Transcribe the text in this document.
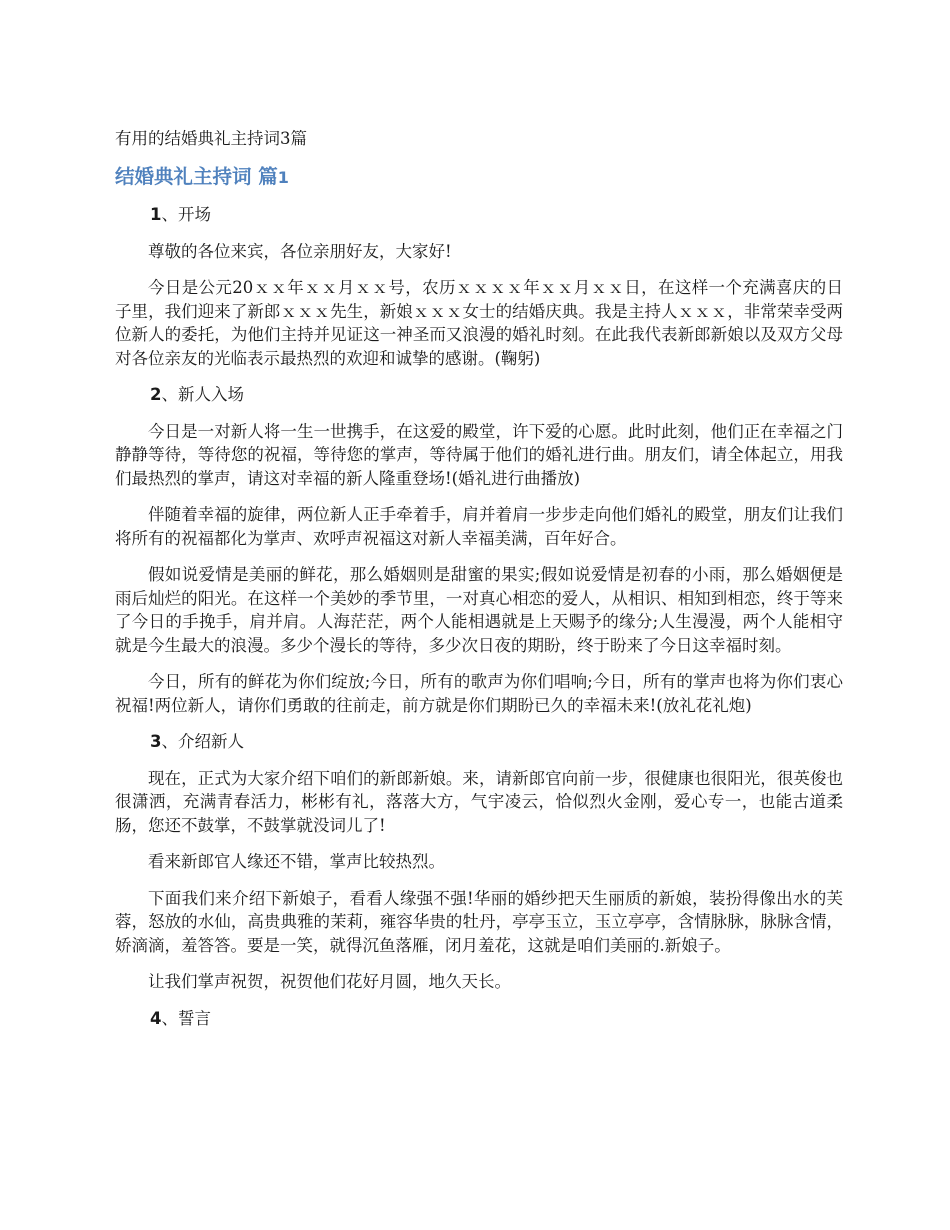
有用的结婚典礼主持词3篇
结婚典礼主持词 篇1

1、开场

尊敬的各位来宾，各位亲朋好友，大家好!

今日是公元20ｘｘ年ｘｘ月ｘｘ号，农历ｘｘｘｘ年ｘｘ月ｘｘ日，在这样一个充满喜庆的日子里，我们迎来了新郎ｘｘｘ先生，新娘ｘｘｘ女士的结婚庆典。我是主持人ｘｘｘ，非常荣幸受两位新人的委托，为他们主持并见证这一神圣而又浪漫的婚礼时刻。在此我代表新郎新娘以及双方父母对各位亲友的光临表示最热烈的欢迎和诚挚的感谢。(鞠躬)

2、新人入场

今日是一对新人将一生一世携手，在这爱的殿堂，许下爱的心愿。此时此刻，他们正在幸福之门静静等待，等待您的祝福，等待您的掌声，等待属于他们的婚礼进行曲。朋友们，请全体起立，用我们最热烈的掌声，请这对幸福的新人隆重登场!(婚礼进行曲播放)

伴随着幸福的旋律，两位新人正手牵着手，肩并着肩一步步走向他们婚礼的殿堂，朋友们让我们将所有的祝福都化为掌声、欢呼声祝福这对新人幸福美满，百年好合。

假如说爱情是美丽的鲜花，那么婚姻则是甜蜜的果实;假如说爱情是初春的小雨，那么婚姻便是雨后灿烂的阳光。在这样一个美妙的季节里，一对真心相恋的爱人，从相识、相知到相恋，终于等来了今日的手挽手，肩并肩。人海茫茫，两个人能相遇就是上天赐予的缘分;人生漫漫，两个人能相守就是今生最大的浪漫。多少个漫长的等待，多少次日夜的期盼，终于盼来了今日这幸福时刻。

今日，所有的鲜花为你们绽放;今日，所有的歌声为你们唱响;今日，所有的掌声也将为你们衷心祝福!两位新人，请你们勇敢的往前走，前方就是你们期盼已久的幸福未来!(放礼花礼炮)

3、介绍新人

现在，正式为大家介绍下咱们的新郎新娘。来，请新郎官向前一步，很健康也很阳光，很英俊也很潇洒，充满青春活力，彬彬有礼，落落大方，气宇凌云，恰似烈火金刚，爱心专一，也能古道柔肠，您还不鼓掌，不鼓掌就没词儿了!

看来新郎官人缘还不错，掌声比较热烈。

下面我们来介绍下新娘子，看看人缘强不强!华丽的婚纱把天生丽质的新娘，装扮得像出水的芙蓉，怒放的水仙，高贵典雅的茉莉，雍容华贵的牡丹，亭亭玉立，玉立亭亭，含情脉脉，脉脉含情，娇滴滴，羞答答。要是一笑，就得沉鱼落雁，闭月羞花，这就是咱们美丽的.新娘子。

让我们掌声祝贺，祝贺他们花好月圆，地久天长。

4、誓言
